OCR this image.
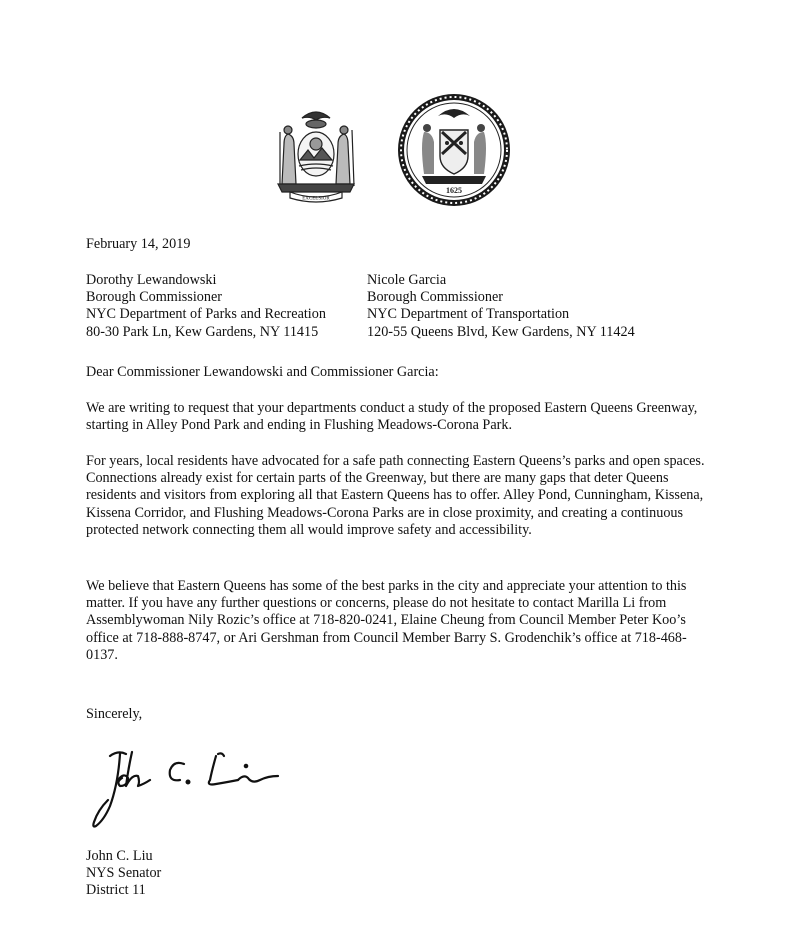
EXCELSIOR
1625
February 14, 2019
Dorothy Lewandowski
Borough Commissioner
NYC Department of Parks and Recreation
80-30 Park Ln, Kew Gardens, NY 11415
Nicole Garcia
Borough Commissioner
NYC Department of Transportation
120-55 Queens Blvd, Kew Gardens, NY 11424
Dear Commissioner Lewandowski and Commissioner Garcia:
We are writing to request that your departments conduct a study of the proposed Eastern Queens Greenway, starting in Alley Pond Park and ending in Flushing Meadows-Corona Park.
For years, local residents have advocated for a safe path connecting Eastern Queens’s parks and open spaces. Connections already exist for certain parts of the Greenway, but there are many gaps that deter Queens residents and visitors from exploring all that Eastern Queens has to offer. Alley Pond, Cunningham, Kissena, Kissena Corridor, and Flushing Meadows-Corona Parks are in close proximity, and creating a continuous protected network connecting them all would improve safety and accessibility.
We believe that Eastern Queens has some of the best parks in the city and appreciate your attention to this matter. If you have any further questions or concerns, please do not hesitate to contact Marilla Li from Assemblywoman Nily Rozic’s office at 718-820-0241, Elaine Cheung from Council Member Peter Koo’s office at 718-888-8747, or Ari Gershman from Council Member Barry S. Grodenchik’s office at 718-468-0137.
Sincerely,
John C. Liu
NYS Senator
District 11
